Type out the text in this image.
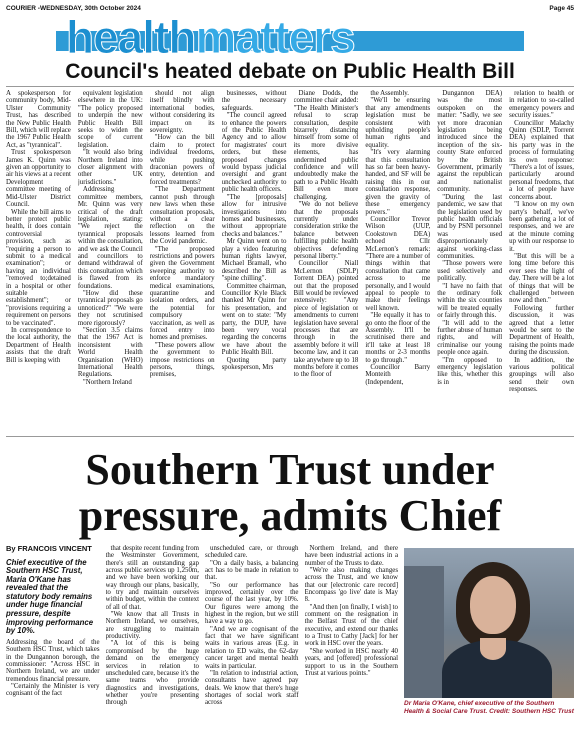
COURIER -WEDNESDAY, 30th October 2024	Page 45
healthmatters
Council's heated debate on Public Health Bill

A spokesperson for community body, Mid-Ulster Community Trust, has described the New Public Health Bill, which will replace the 1967 Public Health Act, as "tyrannical".

Trust spokesperson James K. Quinn was given an opportunity to air his views at a recent Development committee meeting of Mid-Ulster District Council.

While the bill aims to better protect public health, it does contain controversial provision, such as "requiring a person to submit to a medical examination"; or having an individual "removed to;detained in a hospital or other suitable establishment"; or "provisions requiring a requirement on persons to be vaccinated".

In correspondence to the local authority, the Department of Health assists that the draft Bill is keeping with

equivalent legislation elsewhere in the UK: "The policy proposed to underpin the new Public Health Bill seeks to widen the scope of current legislation.

"It would also bring Northern Ireland into closer alignment with other UK jurisdictions."

Addressing committee members, Mr. Quinn was very critical of the draft legislation, stating: "We reject the tyrannical proposals within the consultation, and we ask the Council and councillors to demand withdrawal of this consultation which is flawed from its foundations.

"How did these tyrannical proposals go unnoticed?" "We were they not scrutinised more rigorously?

"Section 3.5 claims that the 1967 Act is inconsistent with World Health Organisation (WHO) International Health Regulations.

"Northern Ireland

should not align itself blindly with international bodies, without considering its impact on its sovereignty.

"How can the bill claim to protect individual freedoms, while pushing draconian powers of entry, detention and forced treatments?

"The Department cannot push through new laws when these consultation proposals, without a clear reflection on the lessons learned from the Covid pandemic.

"The proposed restrictions and powers given the Government sweeping authority to enforce mandatory medical examinations, quarantine and isolation orders, and the potential for compulsory vaccination, as well as forced entry into homes and premises.

"These powers allow the government to impose restrictions on persons, things, premises,

businesses, without the necessary safeguards.

"The council agreed to enhance the powers of the Public Health Agency and to allow for magistrates' court orders, but these proposed changes would bypass judicial oversight and grant unchecked authority to public health officers.

"The [proposals] allow for intrusive investigations into homes and businesses, without appropriate checks and balances."

Mr Quinn went on to play a video featuring human rights lawyer, Michael Bramall, who described the Bill as "spine chilling".

Committee chairman, Councillor Kyle Black thanked Mr Quinn for his presentation, and went on to state: "My party, the DUP, have been very vocal regarding the concerns we have about the Public Health Bill.

Quoting party spokesperson, Mrs

Diane Dodds, the committee chair added: "The Health Minister's refusal to scrap consultation, despite bizarrely distancing himself from some of its more divisive elements, has undermined public confidence and will undoubtedly make the path to a Public Health Bill even more challenging.

"We do not believe that the proposals currently under consideration strike the balance between fulfilling public health objectives defending personal liberty."

Councillor Niall McLernon (SDLP) Torrent DEA) pointed out that the proposed Bill would be reviewed extensively: "Any piece of legislation or amendments to current legislation have several processes that are through in the assembly before it will become law, and it can take anywhere up to 18 months before it comes to the floor of

the Assembly.

"We'll be ensuring that any amendments legislation must be consistent with upholding people's human rights and equality.

"It's very alarming that this consultation has so far been heavy-handed, and SF will be raising this in our consultation response, given the gravity of these emergency powers."

Councillor Trevor Wilson (UUP, Cookstown DEA) echoed Cllr McLernon's remark: "There are a number of things within that consultation that came across to me personally, and I would appeal to people to make their feelings well known.

"He equally it has to go onto the floor of the Assembly. It'll be scrutinised there and it'll take at least 18 months or 2-3 months to go through."

Councillor Barry Monteith (Independent,

Dungannon DEA) was the most outspoken on the matter: "Sadly, we see yet more draconian legislation being introduced since the inception of the six-county State enforced by the British Government, primarily against the republican and nationalist community.

"During the last pandemic, we saw that the legislation used by public health officials and by PSNI personnel was used disproportionately against working-class communities.

"Those powers were used selectively and politically.

"I have no faith that the ordinary folk within the six counties will be treated equally or fairly through this.

"It will add to the further abuse of human rights, and will criminalise our young people once again.

"I'm opposed to emergency legislation like this, whether this is in

relation to health or in relation to so-called emergency powers and security issues."

Councillor Malachy Quinn (SDLP, Torrent DEA) explained that his party was in the process of formulating its own response: "There's a lot of issues, particularly around personal freedoms, that a lot of people have concerns about.

"I know on my own party's behalf, we've been gathering a lot of responses, and we are at the minute coming up with our response to it.

"But this will be a long time before this ever sees the light of day. There will be a lot of things that will be challenged between now and then."

Following further discussion, it was agreed that a letter would be sent to the Department of Health, raising the points made during the discussion.

In addition, the various political groupings will also send their own responses.

Southern Trust under
pressure, admits Chief
By FRANCOIS VINCENT
Chief executive of the Southern HSC Trust, Maria O'Kane has revealed that the statutory body remains under huge financial pressure, despite improving performance by 10%.

Addressing the board of the Southern HSC Trust, which takes in the Dungannon borough, the commissioner: "Across HSC in Northern Ireland, we are under tremendous financial pressure.

"Certainly the Minister is very cognisant of the fact

that despite recent funding from the Westminster Government, there's still an outstanding gap across public services up 1,250m, and we have been working our way through our plans, basically, to try and maintain ourselves within budget, within the context of all of that.

"We know that all Trusts in Northern Ireland, we ourselves, are struggling to maintain productivity.

"A lot of this is being compromised by the huge demand on the emergency services in relation to unscheduled care, because it's the same teams who provide diagnostics and investigations, whether you're presenting through

unscheduled care, or through scheduled care.

"On a daily basis, a balancing act has to be made in relation to that.

"So our performance has improved, certainly over the course of the last year, by 10%. Our figures were among the highest in the region, but we still have a way to go.

"And we are cognisant of the fact that we have significant waits in various areas (E.g. in relation to ED waits, the 62-day cancer target and mental health waits in particular.

"In relation to industrial action, consultants have agreed pay deals. We know that there's huge shortages of social work staff across

Northern Ireland, and there have been industrial actions in a number of the Trusts to date.

"We're also making changes across the Trust, and we know that our [electronic care record] Encompass 'go live' date is May 8.

"And then [on finally, I wish] to comment on the resignation in the Belfast Trust of the chief executive, and extend our thanks to a Trust to Cathy [Jack] for her work in HSC over the years.

"She worked in HSC nearly 40 years, and [offered] professional support to us in the Southern Trust at various points."

Dr Maria O'Kane, chief executive of the Southern Health & Social Care Trust. Credit: Southern HSC Trust
